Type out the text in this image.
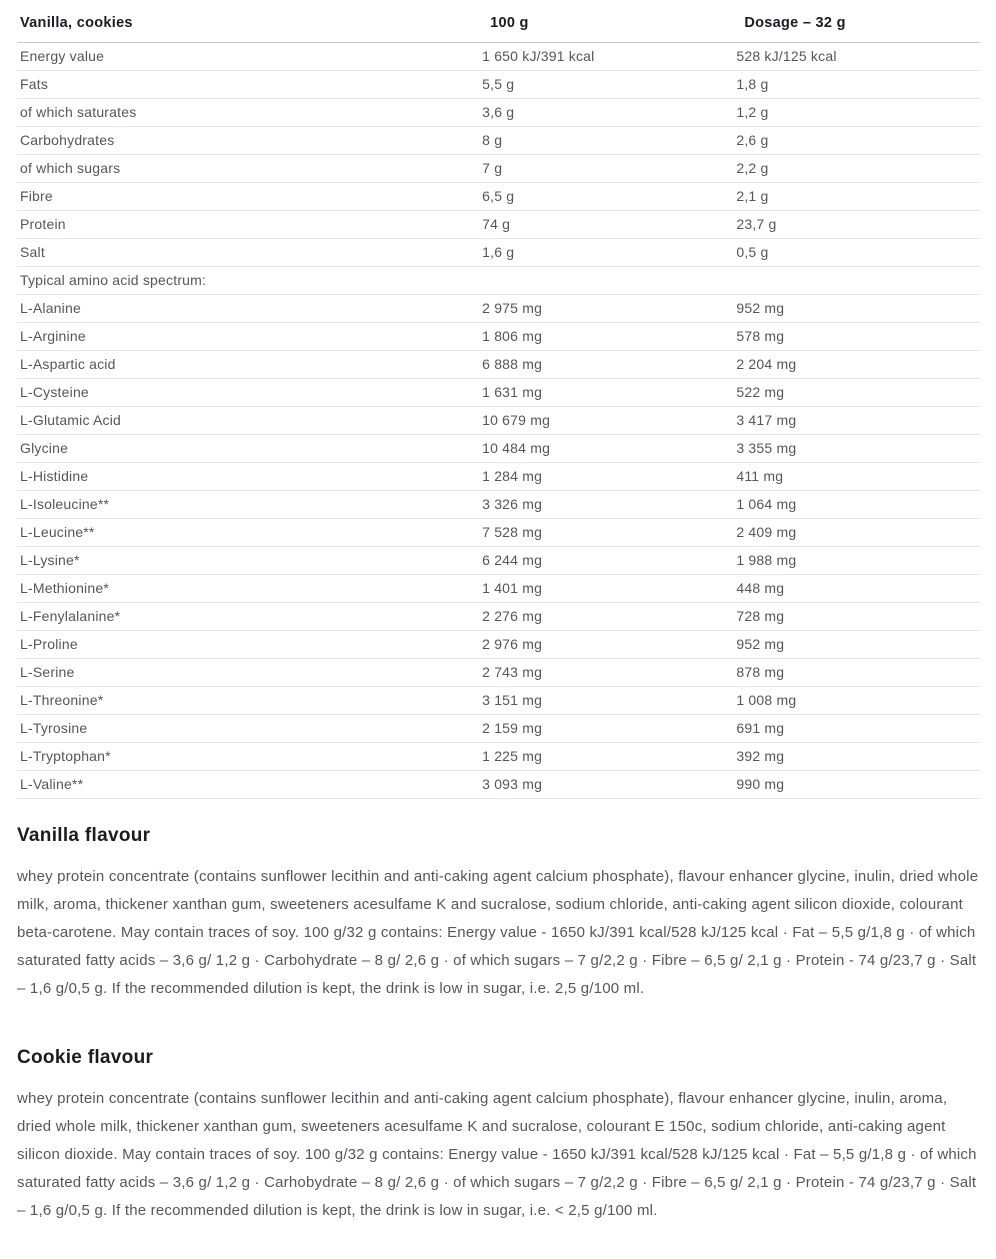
Vanilla, cookies	100 g	Dosage – 32 g
Energy value	1 650 kJ/391 kcal	528 kJ/125 kcal
Fats	5,5 g	1,8 g
of which saturates	3,6 g	1,2 g
Carbohydrates	8 g	2,6 g
of which sugars	7 g	2,2 g
Fibre	6,5 g	2,1 g
Protein	74 g	23,7 g
Salt	1,6 g	0,5 g
Typical amino acid spectrum:		
L-Alanine	2 975 mg	952 mg
L-Arginine	1 806 mg	578 mg
L-Aspartic acid	6 888 mg	2 204 mg
L-Cysteine	1 631 mg	522 mg
L-Glutamic Acid	10 679 mg	3 417 mg
Glycine	10 484 mg	3 355 mg
L-Histidine	1 284 mg	411 mg
L-Isoleucine**	3 326 mg	1 064 mg
L-Leucine**	7 528 mg	2 409 mg
L-Lysine*	6 244 mg	1 988 mg
L-Methionine*	1 401 mg	448 mg
L-Fenylalanine*	2 276 mg	728 mg
L-Proline	2 976 mg	952 mg
L-Serine	2 743 mg	878 mg
L-Threonine*	3 151 mg	1 008 mg
L-Tyrosine	2 159 mg	691 mg
L-Tryptophan*	1 225 mg	392 mg
L-Valine**	3 093 mg	990 mg
Vanilla flavour

whey protein concentrate (contains sunflower lecithin and anti-caking agent calcium phosphate), flavour enhancer glycine, inulin, dried whole milk, aroma, thickener xanthan gum, sweeteners acesulfame K and sucralose, sodium chloride, anti-caking agent silicon dioxide, colourant beta-carotene. May contain traces of soy. 100 g/32 g contains: Energy value - 1650 kJ/391 kcal/528 kJ/125 kcal · Fat – 5,5 g/1,8 g · of which saturated fatty acids – 3,6 g/ 1,2 g · Carbohydrate – 8 g/ 2,6 g · of which sugars – 7 g/2,2 g · Fibre – 6,5 g/ 2,1 g · Protein - 74 g/23,7 g · Salt – 1,6 g/0,5 g. If the recommended dilution is kept, the drink is low in sugar, i.e. 2,5 g/100 ml.

Cookie flavour

whey protein concentrate (contains sunflower lecithin and anti-caking agent calcium phosphate), flavour enhancer glycine, inulin, aroma, dried whole milk, thickener xanthan gum, sweeteners acesulfame K and sucralose, colourant E 150c, sodium chloride, anti-caking agent silicon dioxide. May contain traces of soy. 100 g/32 g contains: Energy value - 1650 kJ/391 kcal/528 kJ/125 kcal · Fat – 5,5 g/1,8 g · of which saturated fatty acids – 3,6 g/ 1,2 g · Carhobydrate – 8 g/ 2,6 g · of which sugars – 7 g/2,2 g · Fibre – 6,5 g/ 2,1 g · Protein - 74 g/23,7 g · Salt – 1,6 g/0,5 g. If the recommended dilution is kept, the drink is low in sugar, i.e. < 2,5 g/100 ml.
